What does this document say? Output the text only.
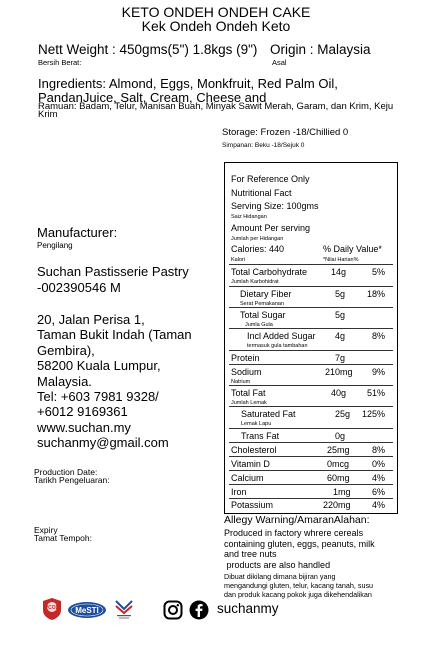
KETO ONDEH ONDEH CAKE
Kek Ondeh Ondeh Keto
Nett Weight : 450gms(5") 1.8kgs (9") Origin : Malaysia
Bersih Berat:	Asal
Ingredients: Almond, Eggs, Monkfruit, Red Palm Oil,
PandanJuice, Salt, Cream, Cheese and
Ramuan: Badam, Telur, Manisan Buah, Minyak Sawit Merah, Garam, dan Krim, Keju Krim
Storage: Frozen -18/Chillied 0
Simpanan: Beku -18/Sejuk 0
Manufacturer:
Pengilang
Suchan Pastisserie Pastry
-002390546 M
20, Jalan Perisa 1,
Taman Bukit Indah (Taman
Gembira),
58200 Kuala Lumpur,
Malaysia.
Tel: +603 7981 9328/
+6012 9169361
www.suchan.my
suchanmy@gmail.com
Production Date:
Tarikh Pengeluaran:
Expiry
Tamat Tempoh:
For Reference Only
Nutritional Fact
Serving Size: 100gms
Saiz Hidangan
Amount Per serving
Jumlah per Hidangan
Calories: 440	% Daily Value*
Kalori	*Nilai Harian%
Total Carbohydrate	14g	5%
Jumlah Karbohidrat
Dietary Fiber	5g 18%
Serat Pemakanan
Total Sugar	5g
Jumla Gula
Incl Added Sugar	4g	8%
termasuk gula tambahan
Protein	7g
Sodium	210mg 9%
Natrium
Total Fat	40g 51%
Jumlah Lemak
Saturated Fat	25g 125%
Lemak Lapu
Trans Fat	0g
Cholesterol	25mg 8%
Vitamin D	0mcg	0%
Calcium	60mg 4%
Iron	1mg 6%
Potassium	220mg 4%
Allegy Warning/AmaranAlahan:
Produced in factory whrere cereals
containing gluten, eggs, peanuts, milk
and tree nuts
products are also handled
Dibuat dikilang dimana bijiran yang
mengandungi gluten, telur, kacang tanah, susu
dan produk kacang pokok juga dikehendalikan
PCOD MeSTI	suchanmy
